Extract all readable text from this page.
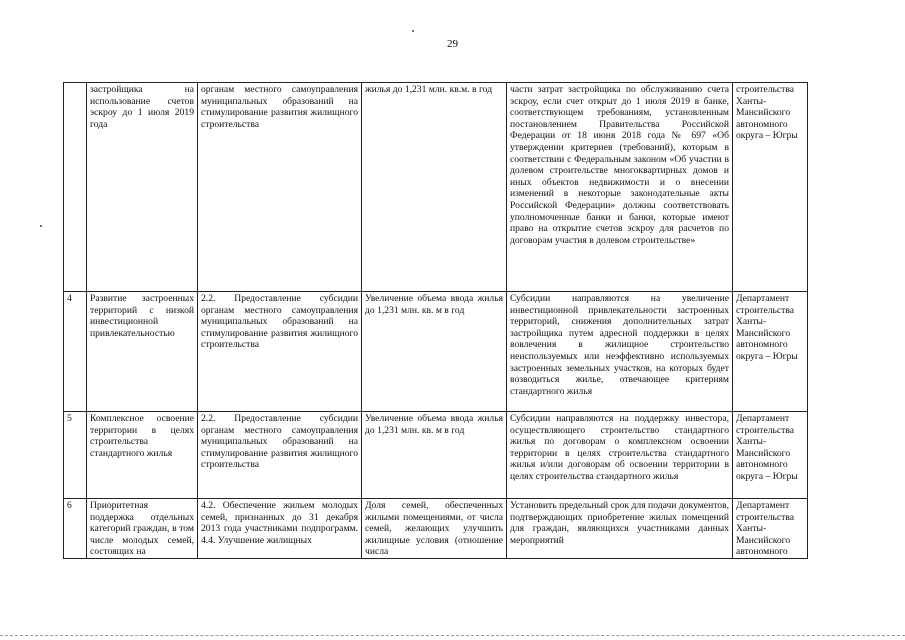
29
	застройщика на использование счетов эскроу до 1 июля 2019 года	органам местного самоуправления муниципальных образований на стимулирование развития жилищного строительства	жилья до 1,231 млн. кв.м. в год	части затрат застройщика по обслуживанию счета эскроу, если счет открыт до 1 июля 2019 в банке, соответствующем требованиям, установленным постановлением Правительства Российской Федерации от 18 июня 2018 года № 697 «Об утверждении критериев (требований), которым в соответствии с Федеральным законом «Об участии в долевом строительстве многоквартирных домов и иных объектов недвижимости и о внесении изменений в некоторые законодательные акты Российской Федерации» должны соответствовать уполномоченные банки и банки, которые имеют право на открытие счетов эскроу для расчетов по договорам участия в долевом строительстве»	строительства Ханты-Мансийского автономного округа – Югры
4	Развитие застроенных территорий с низкой инвестиционной привлекательностью	2.2. Предоставление субсидии органам местного самоуправления муниципальных образований на стимулирование развития жилищного строительства	Увеличение объема ввода жилья до 1,231 млн. кв. м в год	Субсидии направляются на увеличение инвестиционной привлекательности застроенных территорий, снижения дополнительных затрат застройщика путем адресной поддержки в целях вовлечения в жилищное строительство неиспользуемых или неэффективно используемых застроенных земельных участков, на которых будет возводиться жилье, отвечающее критериям стандартного жилья	Департамент строительства Ханты-Мансийского автономного округа – Югры
5	Комплексное освоение территории в целях строительства стандартного жилья	2.2. Предоставление субсидии органам местного самоуправления муниципальных образований на стимулирование развития жилищного строительства	Увеличение объема ввода жилья до 1,231 млн. кв. м в год	Субсидии направляются на поддержку инвестора, осуществляющего строительство стандартного жилья по договорам о комплексном освоении территории в целях строительства стандартного жилья и/или договорам об освоении территории в целях строительства стандартного жилья	Департамент строительства Ханты-Мансийского автономного округа – Югры
6	Приоритетная поддержка отдельных категорий граждан, в том числе молодых семей, состоящих на	4.2. Обеспечение жильем молодых семей, признанных до 31 декабря 2013 года участниками подпрограмм. 4.4. Улучшение жилищных	Доля семей, обеспеченных жилыми помещениями, от числа семей, желающих улучшить жилищные условия (отношение числа	Установить предельный срок для подачи документов, подтверждающих приобретение жилых помещений для граждан, являющихся участниками данных мероприятий	Департамент строительства Ханты-Мансийского автономного
